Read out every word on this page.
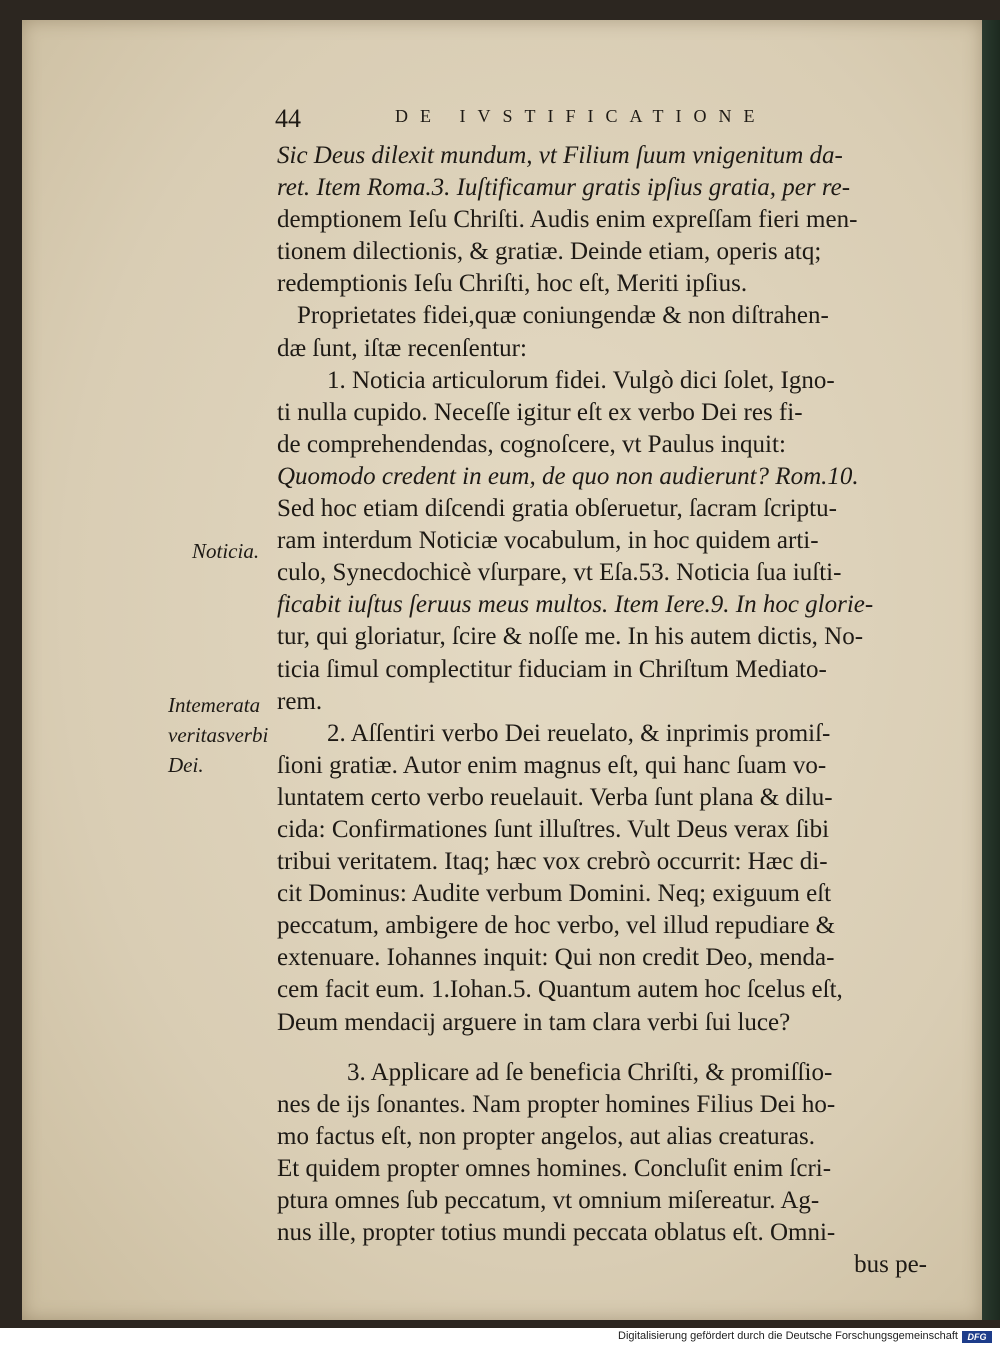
44	DE IVSTIFICATIONE
Noticia.
Intemerata
veritasverbi
Dei.
Sic Deus dilexit mundum, vt Filium ſuum vnigenitum da-
ret. Item Roma.3. Iuſtificamur gratis ipſius gratia, per re-
demptionem Ieſu Chriſti. Audis enim expreſſam fieri men-
tionem dilectionis, & gratiæ. Deinde etiam, operis atq;
redemptionis Ieſu Chriſti, hoc eſt, Meriti ipſius.
Proprietates fidei,quæ coniungendæ & non diſtrahen-
dæ ſunt, iſtæ recenſentur:
1. Noticia articulorum fidei. Vulgò dici ſolet, Igno-
ti nulla cupido. Neceſſe igitur eſt ex verbo Dei res fi-
de comprehendendas, cognoſcere, vt Paulus inquit:
Quomodo credent in eum, de quo non audierunt? Rom.10.
Sed hoc etiam diſcendi gratia obſeruetur, ſacram ſcriptu-
ram interdum Noticiæ vocabulum, in hoc quidem arti-
culo, Synecdochicè vſurpare, vt Eſa.53. Noticia ſua iuſti-
ficabit iuſtus ſeruus meus multos. Item Iere.9. In hoc glorie-
tur, qui gloriatur, ſcire & noſſe me. In his autem dictis, No-
ticia ſimul complectitur fiduciam in Chriſtum Mediato-
rem.
2. Aſſentiri verbo Dei reuelato, & inprimis promiſ-
ſioni gratiæ. Autor enim magnus eſt, qui hanc ſuam vo-
luntatem certo verbo reuelauit. Verba ſunt plana & dilu-
cida: Confirmationes ſunt illuſtres. Vult Deus verax ſibi
tribui veritatem. Itaq; hæc vox crebrò occurrit: Hæc di-
cit Dominus: Audite verbum Domini. Neq; exiguum eſt
peccatum, ambigere de hoc verbo, vel illud repudiare &
extenuare. Iohannes inquit: Qui non credit Deo, menda-
cem facit eum. 1.Iohan.5. Quantum autem hoc ſcelus eſt,
Deum mendacij arguere in tam clara verbi ſui luce?
3. Applicare ad ſe beneficia Chriſti, & promiſſio-
nes de ijs ſonantes. Nam propter homines Filius Dei ho-
mo factus eſt, non propter angelos, aut alias creaturas.
Et quidem propter omnes homines. Concluſit enim ſcri-
ptura omnes ſub peccatum, vt omnium miſereatur. Ag-
nus ille, propter totius mundi peccata oblatus eſt. Omni-
bus pe-
Digitalisierung gefördert durch die Deutsche Forschungsgemeinschaft	DFG
